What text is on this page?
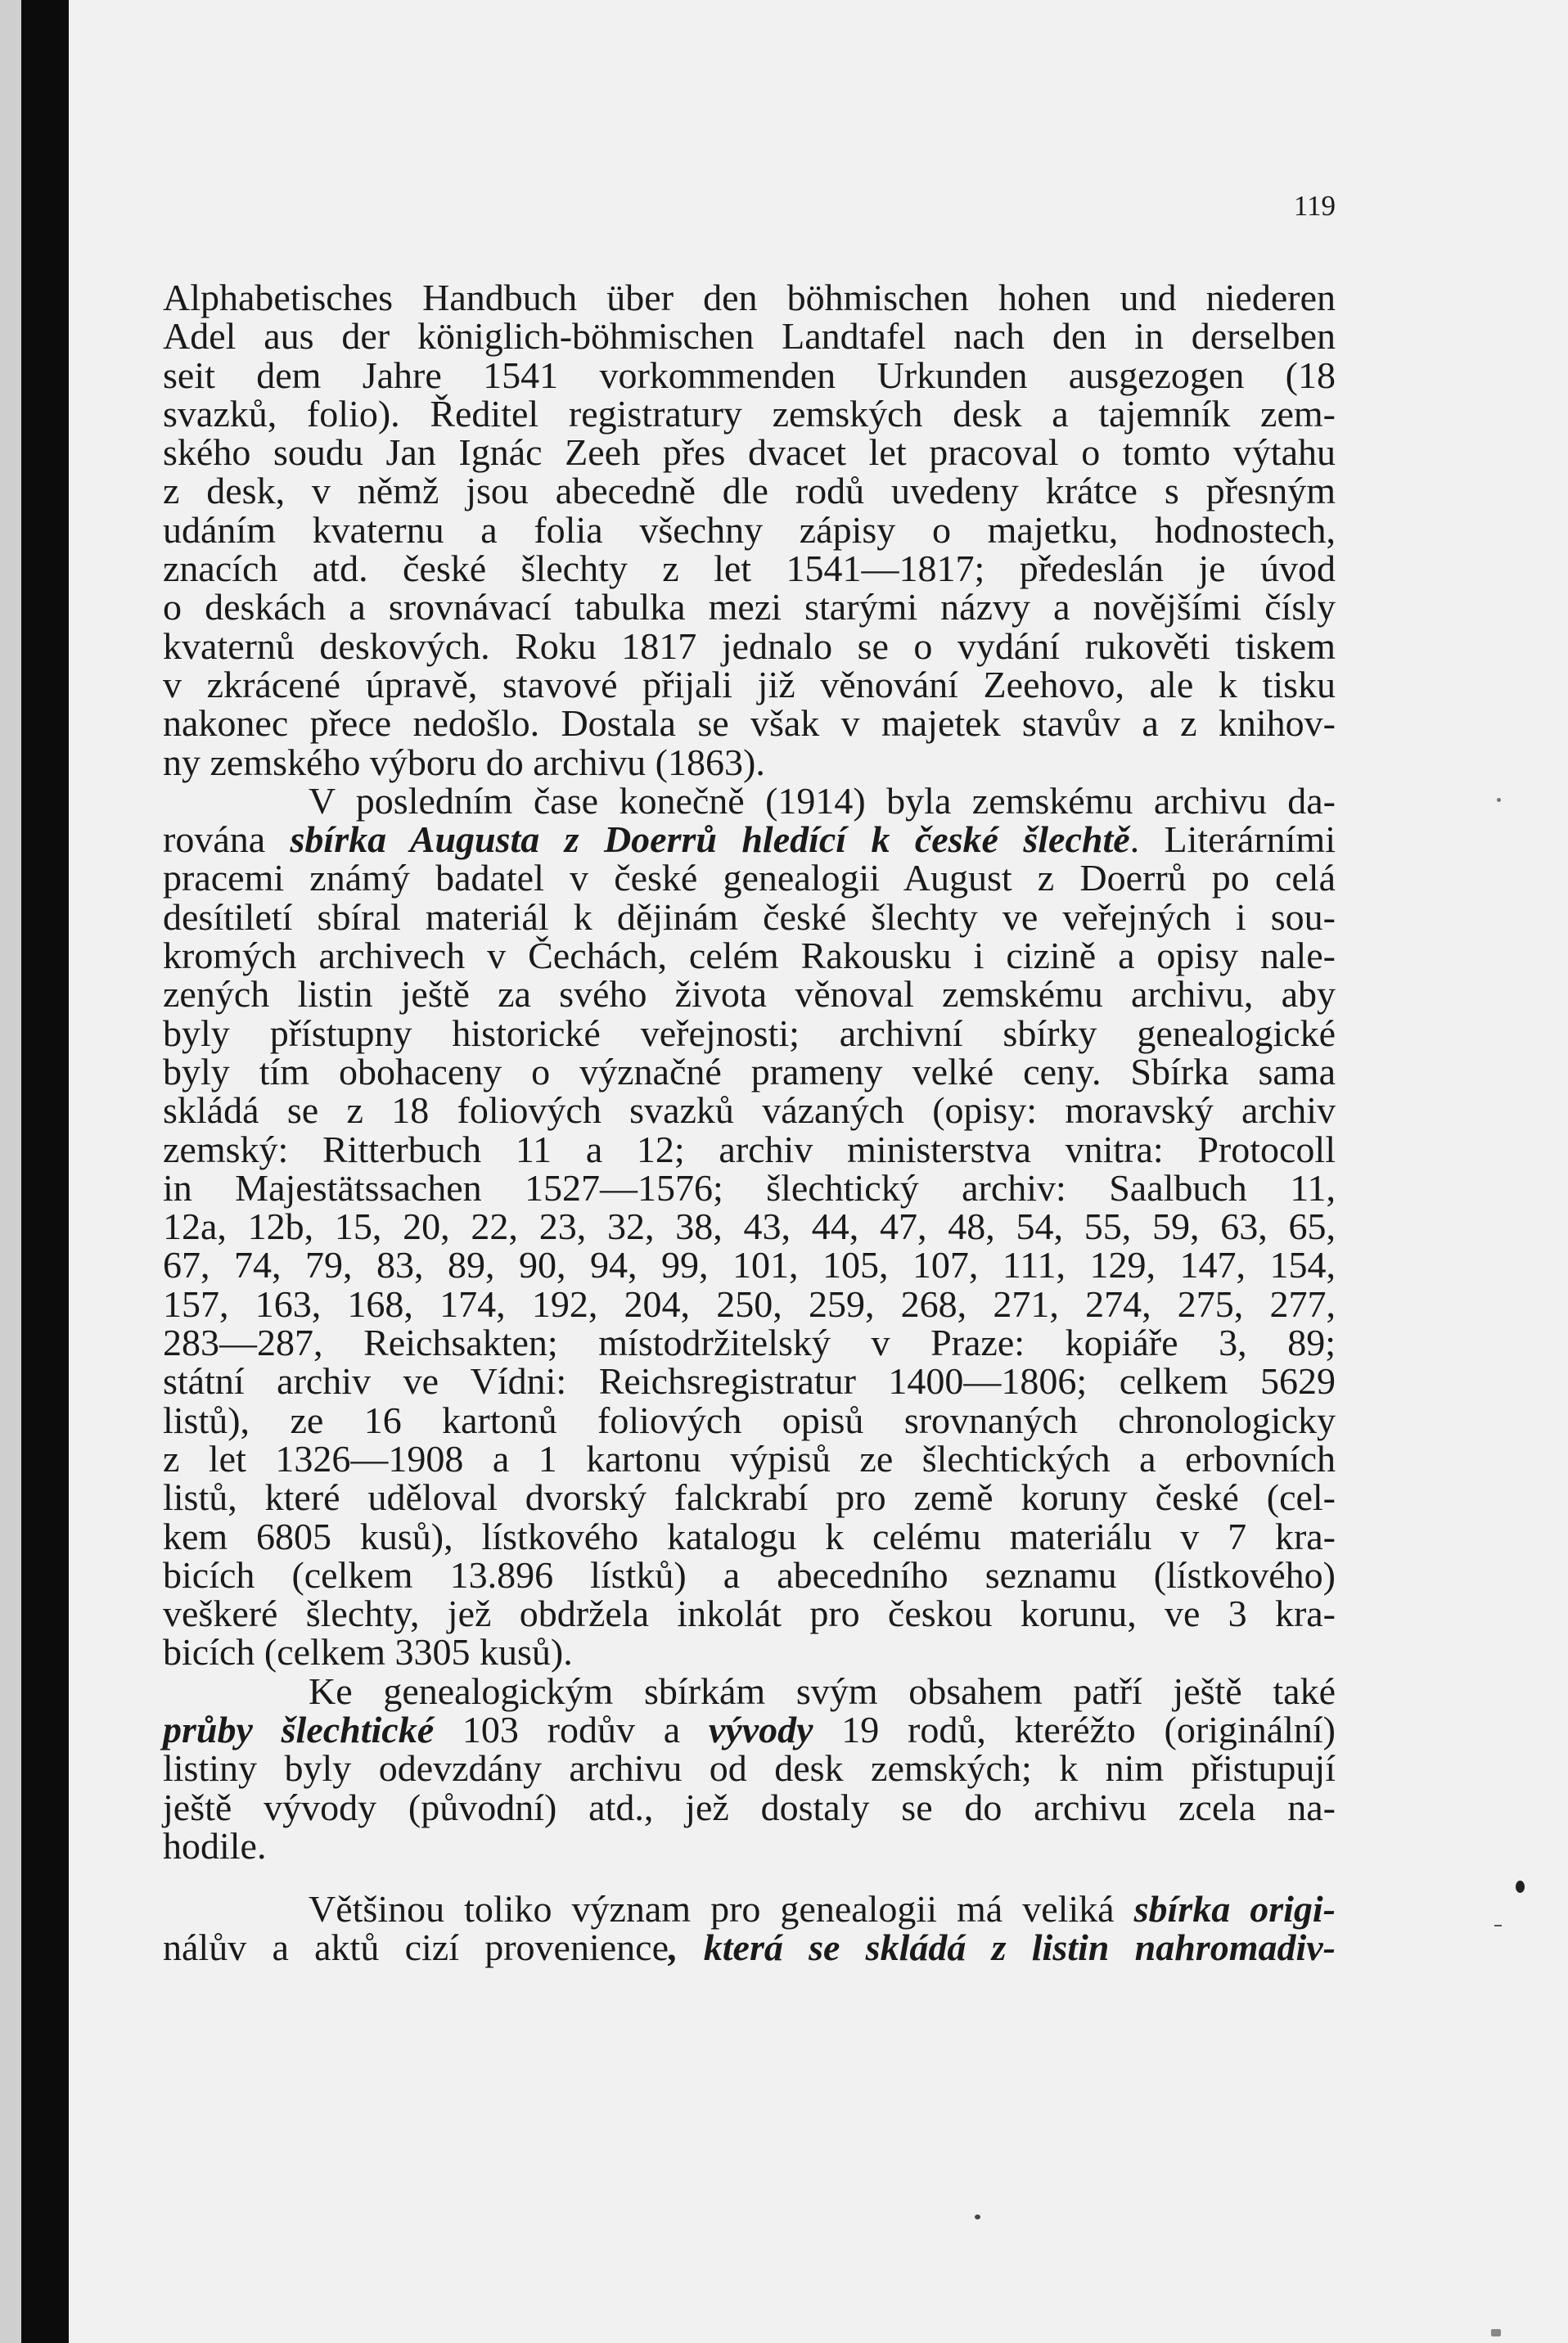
119
Alphabetisches Handbuch über den böhmischen hohen und niederen
Adel aus der königlich-böhmischen Landtafel nach den in derselben
seit dem Jahre 1541 vorkommenden Urkunden ausgezogen (18
svazků, folio). Ředitel registratury zemských desk a tajemník zem-
ského soudu Jan Ignác Zeeh přes dvacet let pracoval o tomto výtahu
z desk, v němž jsou abecedně dle rodů uvedeny krátce s přesným
udáním kvaternu a folia všechny zápisy o majetku, hodnostech,
znacích atd. české šlechty z let 1541—1817; předeslán je úvod
o deskách a srovnávací tabulka mezi starými názvy a novějšími čísly
kvaternů deskových. Roku 1817 jednalo se o vydání rukověti tiskem
v zkrácené úpravě, stavové přijali již věnování Zeehovo, ale k tisku
nakonec přece nedošlo. Dostala se však v majetek stavův a z knihov-
ny zemského výboru do archivu (1863).
V posledním čase konečně (1914) byla zemskému archivu da-
rována sbírka Augusta z Doerrů hledící k české šlechtě. Literárními
pracemi známý badatel v české genealogii August z Doerrů po celá
desítiletí sbíral materiál k dějinám české šlechty ve veřejných i sou-
kromých archivech v Čechách, celém Rakousku i cizině a opisy nale-
zených listin ještě za svého života věnoval zemskému archivu, aby
byly přístupny historické veřejnosti; archivní sbírky genealogické
byly tím obohaceny o význačné prameny velké ceny. Sbírka sama
skládá se z 18 foliových svazků vázaných (opisy: moravský archiv
zemský: Ritterbuch 11 a 12; archiv ministerstva vnitra: Protocoll
in Majestätssachen 1527—1576; šlechtický archiv: Saalbuch 11,
12a, 12b, 15, 20, 22, 23, 32, 38, 43, 44, 47, 48, 54, 55, 59, 63, 65,
67, 74, 79, 83, 89, 90, 94, 99, 101, 105, 107, 111, 129, 147, 154,
157, 163, 168, 174, 192, 204, 250, 259, 268, 271, 274, 275, 277,
283—287, Reichsakten; místodržitelský v Praze: kopiáře 3, 89;
státní archiv ve Vídni: Reichsregistratur 1400—1806; celkem 5629
listů), ze 16 kartonů foliových opisů srovnaných chronologicky
z let 1326—1908 a 1 kartonu výpisů ze šlechtických a erbovních
listů, které uděloval dvorský falckrabí pro země koruny české (cel-
kem 6805 kusů), lístkového katalogu k celému materiálu v 7 kra-
bicích (celkem 13.896 lístků) a abecedního seznamu (lístkového)
veškeré šlechty, jež obdržela inkolát pro českou korunu, ve 3 kra-
bicích (celkem 3305 kusů).
Ke genealogickým sbírkám svým obsahem patří ještě také
průby šlechtické 103 rodův a vývody 19 rodů, kteréžto (originální)
listiny byly odevzdány archivu od desk zemských; k nim přistupují
ještě vývody (původní) atd., jež dostaly se do archivu zcela na-
hodile.
Většinou toliko význam pro genealogii má veliká sbírka origi-
nálův a aktů cizí provenience, která se skládá z listin nahromadiv-
